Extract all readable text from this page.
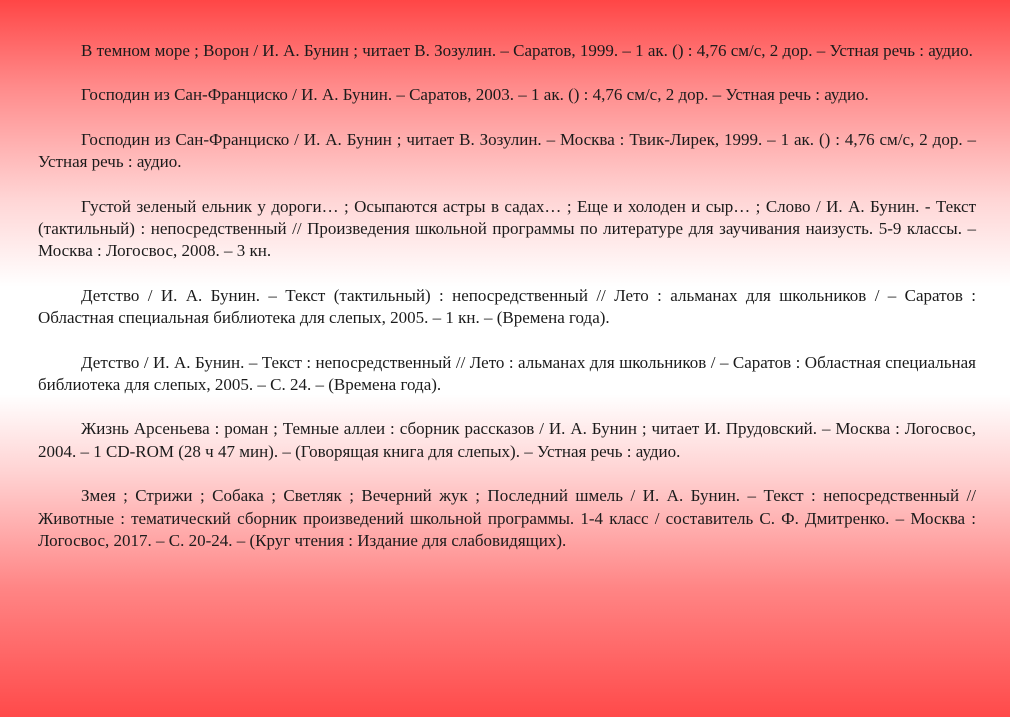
В темном море ; Ворон / И. А. Бунин ; читает В. Зозулин. – Саратов, 1999. – 1 ак. () : 4,76 см/с, 2 дор. – Устная речь : аудио.

Господин из Сан-Франциско / И. А. Бунин. – Саратов, 2003. – 1 ак. () : 4,76 см/с, 2 дор. – Устная речь : аудио.

Господин из Сан-Франциско / И. А. Бунин ; читает В. Зозулин. – Москва : Твик-Лирек, 1999. – 1 ак. () : 4,76 см/с, 2 дор. – Устная речь : аудио.

Густой зеленый ельник у дороги… ; Осыпаются астры в садах… ; Еще и холоден и сыр… ; Слово / И. А. Бунин. - Текст (тактильный) : непосредственный // Произведения школьной программы по литературе для заучивания наизусть. 5-9 классы. – Москва : Логосвос, 2008. – 3 кн.

Детство / И. А. Бунин. – Текст (тактильный) : непосредственный // Лето : альманах для школьников / – Саратов : Областная специальная библиотека для слепых, 2005. – 1 кн. – (Времена года).

Детство / И. А. Бунин. – Текст : непосредственный // Лето : альманах для школьников / – Саратов : Областная специальная библиотека для слепых, 2005. – С. 24. – (Времена года).

Жизнь Арсеньева : роман ; Темные аллеи : сборник рассказов / И. А. Бунин ; читает И. Прудовский. – Москва : Логосвос, 2004. – 1 CD-ROM (28 ч 47 мин). – (Говорящая книга для слепых). – Устная речь : аудио.

Змея ; Стрижи ; Собака ; Светляк ; Вечерний жук ; Последний шмель / И. А. Бунин. – Текст : непосредственный // Животные : тематический сборник произведений школьной программы. 1-4 класс / составитель С. Ф. Дмитренко. – Москва : Логосвос, 2017. – С. 20-24. – (Круг чтения : Издание для слабовидящих).
